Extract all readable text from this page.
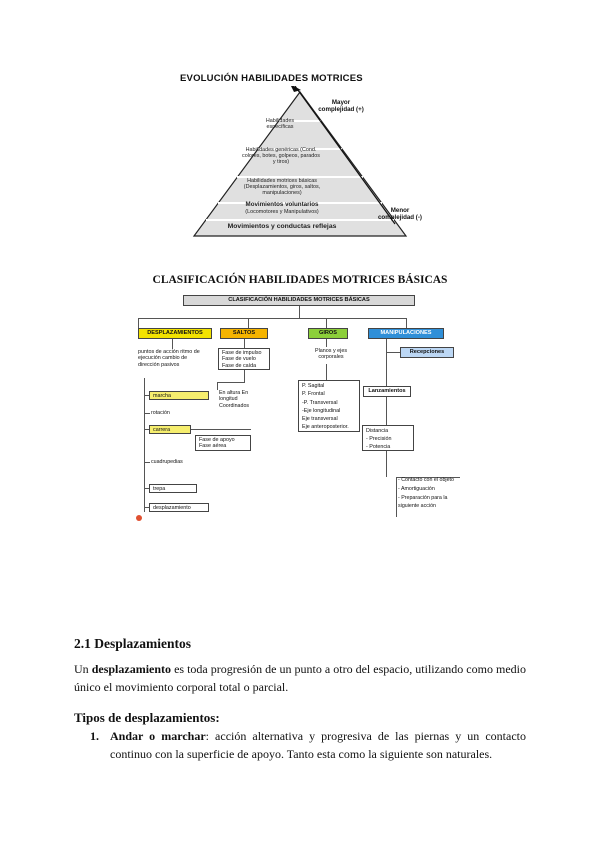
EVOLUCIÓN HABILIDADES MOTRICES
Habilidades específicas
Habilidades genéricas (Cond. colores, botes, golpeos, parados y tiros)
Habilidades motrices básicas (Desplazamientos, giros, saltos, manipulaciones)
Movimientos voluntarios
(Locomotores y Manipulativos)
Movimientos y conductas reflejas
Mayor complejidad (+)
Menor complejidad (-)
CLASIFICACIÓN HABILIDADES MOTRICES BÁSICAS
CLASIFICACIÓN HABILIDADES MOTRICES BÁSICAS
DESPLAZAMIENTOS	SALTOS	GIROS	MANIPULACIONES
puntos de acción ritmo de ejecución cambio de dirección pasivos
marcha
rotación
carrera
cuadrupedias
trepa
desplazamiento
Fase de apoyo Fase aérea
Fase de impulso Fase de vuelo Fase de caída
En altura En longitud Coordinados
Planos y ejes corporales
P. Sagital
P. Frontal
-P. Transversal
-Eje longitudinal
Eje transversal
Eje anteroposterior.
Recepciones
Lanzamientos
Distancia
- Precisión
- Potencia
- Contacto con el objeto
- Amortiguación
- Preparación para la siguiente acción
2.1 Desplazamientos
Un desplazamiento es toda progresión de un punto a otro del espacio, utilizando como medio único el movimiento corporal total o parcial.
Tipos de desplazamientos:
1. Andar o marchar: acción alternativa y progresiva de las piernas y un contacto continuo con la superficie de apoyo. Tanto esta como la siguiente son naturales.
